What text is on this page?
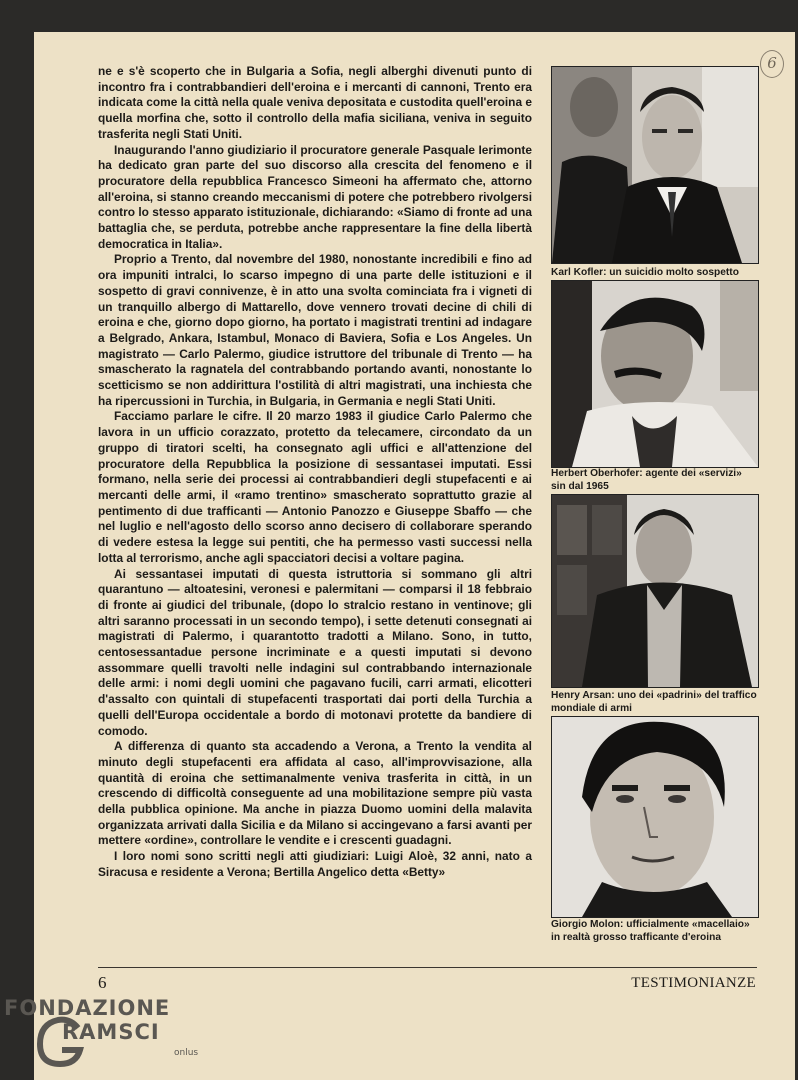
6

ne e s'è scoperto che in Bulgaria a Sofia, negli alberghi divenuti punto di incontro fra i contrabbandieri dell'eroina e i mercanti di cannoni, Trento era indicata come la città nella quale veniva depositata e custodita quell'eroina e quella morfina che, sotto il controllo della mafia siciliana, veniva in seguito trasferita negli Stati Uniti.

Inaugurando l'anno giudiziario il procuratore generale Pasquale Ierimonte ha dedicato gran parte del suo discorso alla crescita del fenomeno e il procuratore della repubblica Francesco Simeoni ha affermato che, attorno all'eroina, si stanno creando meccanismi di potere che potrebbero rivolgersi contro lo stesso apparato istituzionale, dichiarando: «Siamo di fronte ad una battaglia che, se perduta, potrebbe anche rappresentare la fine della libertà democratica in Italia».

Proprio a Trento, dal novembre del 1980, nonostante incredibili e fino ad ora impuniti intralci, lo scarso impegno di una parte delle istituzioni e il sospetto di gravi connivenze, è in atto una svolta cominciata fra i vigneti di un tranquillo albergo di Mattarello, dove vennero trovati decine di chili di eroina e che, giorno dopo giorno, ha portato i magistrati trentini ad indagare a Belgrado, Ankara, Istambul, Monaco di Baviera, Sofia e Los Angeles. Un magistrato — Carlo Palermo, giudice istruttore del tribunale di Trento — ha smascherato la ragnatela del contrabbando portando avanti, nonostante lo scetticismo se non addirittura l'ostilità di altri magistrati, una inchiesta che ha ripercussioni in Turchia, in Bulgaria, in Germania e negli Stati Uniti.

Facciamo parlare le cifre. Il 20 marzo 1983 il giudice Carlo Palermo che lavora in un ufficio corazzato, protetto da telecamere, circondato da un gruppo di tiratori scelti, ha consegnato agli uffici e all'attenzione del procuratore della Repubblica la posizione di sessantasei imputati. Essi formano, nella serie dei processi ai contrabbandieri degli stupefacenti e ai mercanti delle armi, il «ramo trentino» smascherato soprattutto grazie al pentimento di due trafficanti — Antonio Panozzo e Giuseppe Sbaffo — che nel luglio e nell'agosto dello scorso anno decisero di collaborare sperando di vedere estesa la legge sui pentiti, che ha permesso vasti successi nella lotta al terrorismo, anche agli spacciatori decisi a voltare pagina.

Ai sessantasei imputati di questa istruttoria si sommano gli altri quarantuno — altoatesini, veronesi e palermitani — comparsi il 18 febbraio di fronte ai giudici del tribunale, (dopo lo stralcio restano in ventinove; gli altri saranno processati in un secondo tempo), i sette detenuti consegnati ai magistrati di Palermo, i quarantotto tradotti a Milano. Sono, in tutto, centosessantadue persone incriminate e a questi imputati si devono assommare quelli travolti nelle indagini sul contrabbando internazionale delle armi: i nomi degli uomini che pagavano fucili, carri armati, elicotteri d'assalto con quintali di stupefacenti trasportati dai porti della Turchia a quelli dell'Europa occidentale a bordo di motonavi protette da bandiere di comodo.

A differenza di quanto sta accadendo a Verona, a Trento la vendita al minuto degli stupefacenti era affidata al caso, all'improvvisazione, alla quantità di eroina che settimanalmente veniva trasferita in città, in un crescendo di difficoltà conseguente ad una mobilitazione sempre più vasta della pubblica opinione. Ma anche in piazza Duomo uomini della malavita organizzata arrivati dalla Sicilia e da Milano si accingevano a farsi avanti per mettere «ordine», controllare le vendite e i crescenti guadagni.

I loro nomi sono scritti negli atti giudiziari: Luigi Aloè, 32 anni, nato a Siracusa e residente a Verona; Bertilla Angelico detta «Betty»

Karl Kofler: un suicidio molto sospetto
Herbert Oberhofer: agente dei «servizi» sin dal 1965
Henry Arsan: uno dei «padrini» del traffico mondiale di armi
Giorgio Molon: ufficialmente «macellaio» in realtà grosso trafficante d'eroina
6	TESTIMONIANZE
FONDAZIONE
RAMSCI
onlus
